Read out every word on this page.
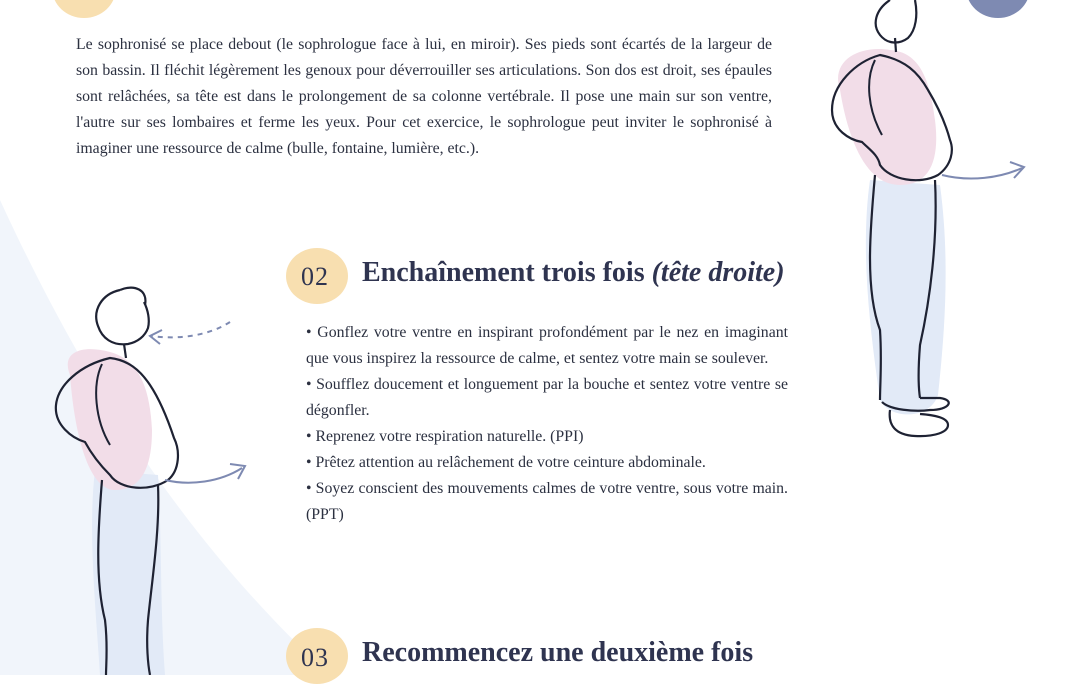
Le sophronisé se place debout (le sophrologue face à lui, en miroir). Ses pieds sont écartés de la largeur de son bassin. Il fléchit légèrement les genoux pour déverrouiller ses articulations. Son dos est droit, ses épaules sont relâchées, sa tête est dans le prolongement de sa colonne vertébrale. Il pose une main sur son ventre, l'autre sur ses lombaires et ferme les yeux. Pour cet exercice, le sophrologue peut inviter le sophronisé à imaginer une ressource de calme (bulle, fontaine, lumière, etc.).

02 Enchaînement trois fois (tête droite)

• Gonflez votre ventre en inspirant profondément par le nez en imaginant que vous inspirez la ressource de calme, et sentez votre main se soulever.

• Soufflez doucement et longuement par la bouche et sentez votre ventre se dégonfler.

• Reprenez votre respiration naturelle. (PPI)

• Prêtez attention au relâchement de votre ceinture abdominale.

• Soyez conscient des mouvements calmes de votre ventre, sous votre main. (PPT)

03 Recommencez une deuxième fois
